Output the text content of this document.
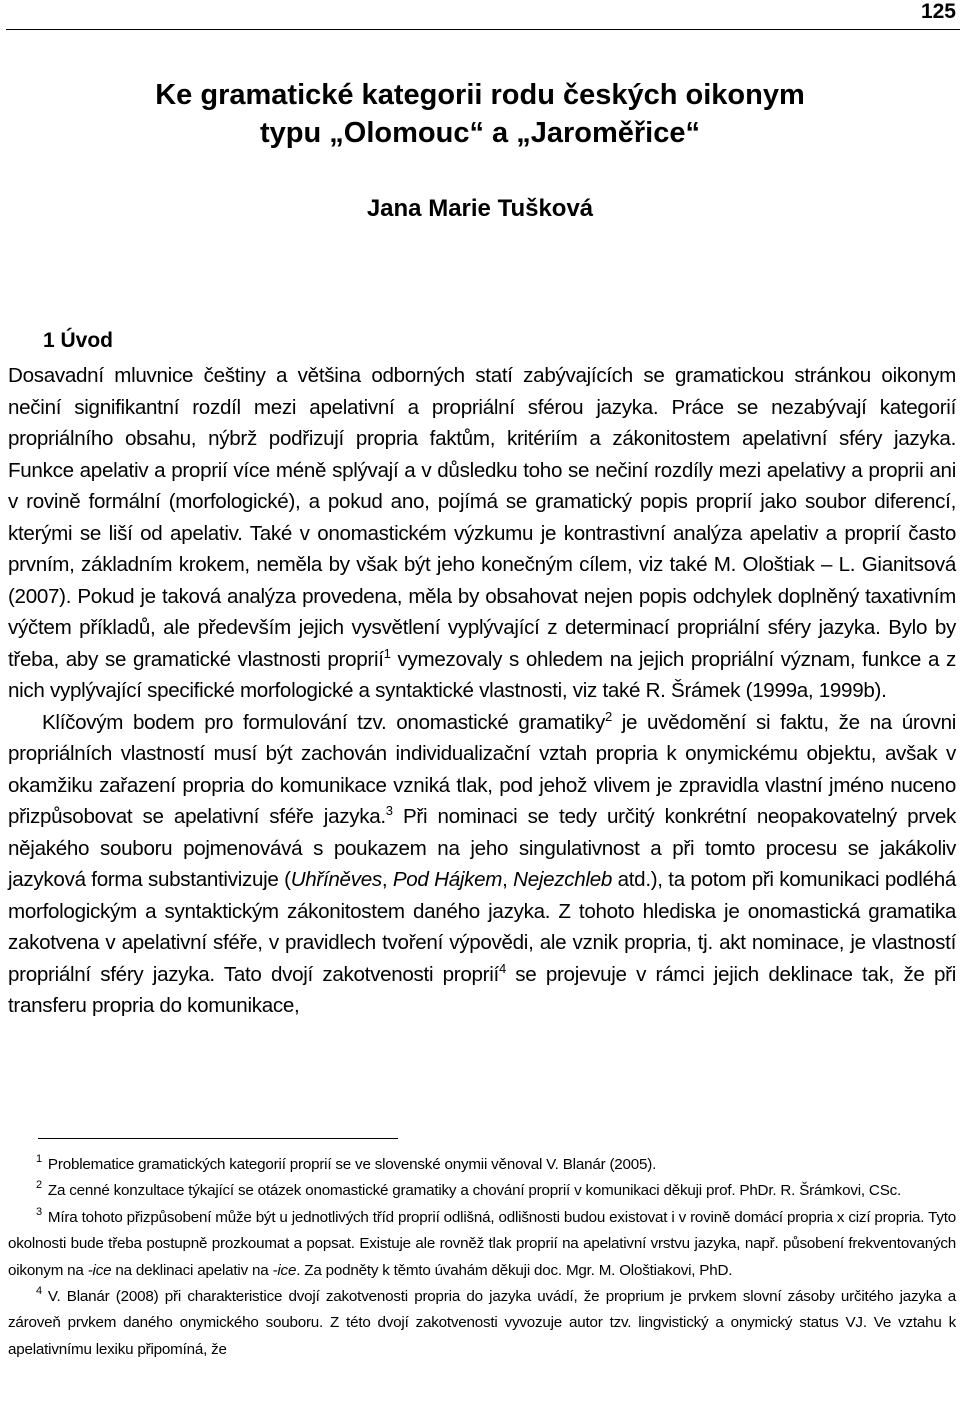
125
Ke gramatické kategorii rodu českých oikonym
typu „Olomouc“ a „Jaroměřice“
Jana Marie Tušková
1 Úvod

Dosavadní mluvnice češtiny a většina odborných statí zabývajících se gramatickou stránkou oikonym nečiní signifikantní rozdíl mezi apelativní a propriální sférou jazyka. Práce se nezabývají kategorií propriálního obsahu, nýbrž podřizují propria faktům, kritériím a zákonitostem apelativní sféry jazyka. Funkce apelativ a proprií více méně splývají a v důsledku toho se nečiní rozdíly mezi apelativy a proprii ani v rovině formální (morfologické), a pokud ano, pojímá se gramatický popis proprií jako soubor diferencí, kterými se liší od apelativ. Také v onomastickém výzkumu je kontrastivní analýza apelativ a proprií často prvním, základním krokem, neměla by však být jeho konečným cílem, viz také M. Ološtiak – L. Gianitsová (2007). Pokud je taková analýza provedena, měla by obsahovat nejen popis odchylek doplněný taxativním výčtem příkladů, ale především jejich vysvětlení vyplývající z determinací propriální sféry jazyka. Bylo by třeba, aby se gramatické vlastnosti proprií$^1$ vymezovaly s ohledem na jejich propriální význam, funkce a z nich vyplývající specifické morfologické a syntaktické vlastnosti, viz také R. Šrámek (1999a, 1999b).

Klíčovým bodem pro formulování tzv. onomastické gramatiky$^2$ je uvědomění si faktu, že na úrovni propriálních vlastností musí být zachován individualizační vztah propria k onymickému objektu, avšak v okamžiku zařazení propria do komunikace vzniká tlak, pod jehož vlivem je zpravidla vlastní jméno nuceno přizpůsobovat se apelativní sféře jazyka.$^3$ Při nominaci se tedy určitý konkrétní neopakovatelný prvek nějakého souboru pojmenovává s poukazem na jeho singulativnost a při tomto procesu se jakákoliv jazyková forma substantivizuje (Uhříněves, Pod Hájkem, Nejezchleb atd.), ta potom při komunikaci podléhá morfologickým a syntaktickým zákonitostem daného jazyka. Z tohoto hlediska je onomastická gramatika zakotvena v apelativní sféře, v pravidlech tvoření výpovědi, ale vznik propria, tj. akt nominace, je vlastností propriální sféry jazyka. Tato dvojí zakotvenosti proprií$^4$ se projevuje v rámci jejich deklinace tak, že při transferu propria do komunikace,

$^1$ Problematice gramatických kategorií proprií se ve slovenské onymii věnoval V. Blanár (2005).

$^2$ Za cenné konzultace týkající se otázek onomastické gramatiky a chování proprií v komunikaci děkuji prof. PhDr. R. Šrámkovi, CSc.

$^3$ Míra tohoto přizpůsobení může být u jednotlivých tříd proprií odlišná, odlišnosti budou existovat i v rovině domácí propria x cizí propria. Tyto okolnosti bude třeba postupně prozkoumat a popsat. Existuje ale rovněž tlak proprií na apelativní vrstvu jazyka, např. působení frekventovaných oikonym na -ice na deklinaci apelativ na -ice. Za podněty k těmto úvahám děkuji doc. Mgr. M. Ološtiakovi, PhD.

$^4$ V. Blanár (2008) při charakteristice dvojí zakotvenosti propria do jazyka uvádí, že proprium je prvkem slovní zásoby určitého jazyka a zároveň prvkem daného onymického souboru. Z této dvojí zakotvenosti vyvozuje autor tzv. lingvistický a onymický status VJ. Ve vztahu k apelativnímu lexiku připomíná, že
